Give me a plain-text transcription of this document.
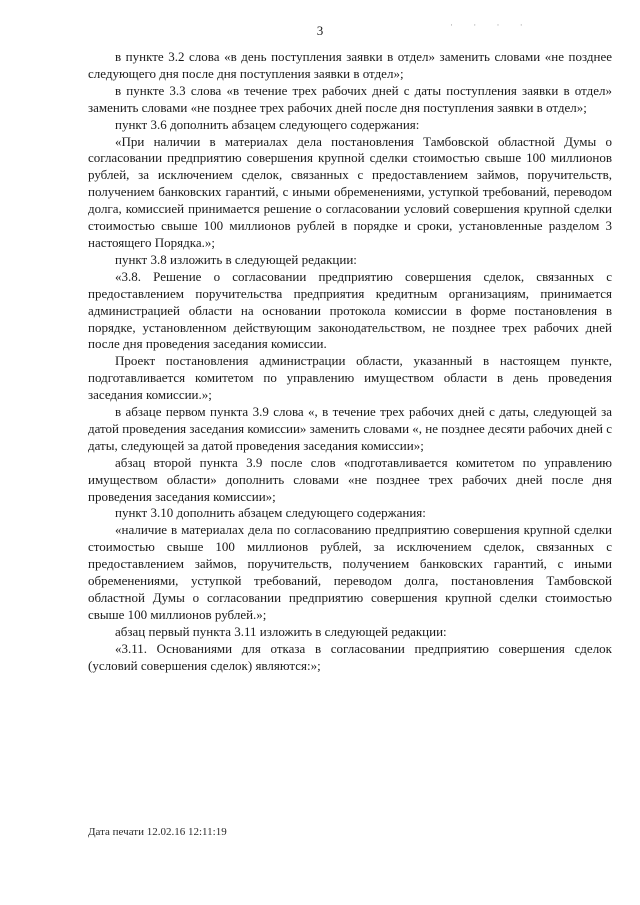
3	· · · ·

в пункте 3.2 слова «в день поступления заявки в отдел» заменить словами «не позднее следующего дня после дня поступления заявки в отдел»;

в пункте 3.3 слова «в течение трех рабочих дней с даты поступления заявки в отдел» заменить словами «не позднее трех рабочих дней после дня поступления заявки в отдел»;

пункт 3.6 дополнить абзацем следующего содержания:

«При наличии в материалах дела постановления Тамбовской областной Думы о согласовании предприятию совершения крупной сделки стоимостью свыше 100 миллионов рублей, за исключением сделок, связанных с предоставлением займов, поручительств, получением банковских гарантий, с иными обременениями, уступкой требований, переводом долга, комиссией принимается решение о согласовании условий совершения крупной сделки стоимостью свыше 100 миллионов рублей в порядке и сроки, установленные разделом 3 настоящего Порядка.»;

пункт 3.8 изложить в следующей редакции:

«3.8. Решение о согласовании предприятию совершения сделок, связанных с предоставлением поручительства предприятия кредитным организациям, принимается администрацией области на основании протокола комиссии в форме постановления в порядке, установленном действующим законодательством, не позднее трех рабочих дней после дня проведения заседания комиссии.

Проект постановления администрации области, указанный в настоящем пункте, подготавливается комитетом по управлению имуществом области в день проведения заседания комиссии.»;

в абзаце первом пункта 3.9 слова «, в течение трех рабочих дней с даты, следующей за датой проведения заседания комиссии» заменить словами «, не позднее десяти рабочих дней с даты, следующей за датой проведения заседания комиссии»;

абзац второй пункта 3.9 после слов «подготавливается комитетом по управлению имуществом области» дополнить словами «не позднее трех рабочих дней после дня проведения заседания комиссии»;

пункт 3.10 дополнить абзацем следующего содержания:

«наличие в материалах дела по согласованию предприятию совершения крупной сделки стоимостью свыше 100 миллионов рублей, за исключением сделок, связанных с предоставлением займов, поручительств, получением банковских гарантий, с иными обременениями, уступкой требований, переводом долга, постановления Тамбовской областной Думы о согласовании предприятию совершения крупной сделки стоимостью свыше 100 миллионов рублей.»;

абзац первый пункта 3.11 изложить в следующей редакции:

«3.11. Основаниями для отказа в согласовании предприятию совершения сделок (условий совершения сделок) являются:»;

Дата печати 12.02.16 12:11:19
